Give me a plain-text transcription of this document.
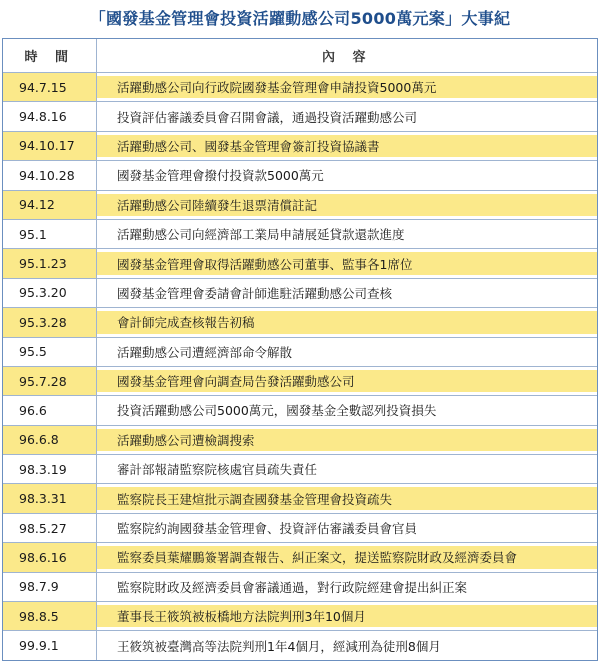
「國發基金管理會投資活躍動感公司5000萬元案」大事紀
時 間	內 容
94.7.15	活躍動感公司向行政院國發基金管理會申請投資5000萬元
94.8.16	投資評估審議委員會召開會議，通過投資活躍動感公司
94.10.17	活躍動感公司、國發基金管理會簽訂投資協議書
94.10.28	國發基金管理會撥付投資款5000萬元
94.12	活躍動感公司陸續發生退票清償註記
95.1	活躍動感公司向經濟部工業局申請展延貸款還款進度
95.1.23	國發基金管理會取得活躍動感公司董事、監事各1席位
95.3.20	國發基金管理會委請會計師進駐活躍動感公司查核
95.3.28	會計師完成查核報告初稿
95.5	活躍動感公司遭經濟部命令解散
95.7.28	國發基金管理會向調查局告發活躍動感公司
96.6	投資活躍動感公司5000萬元，國發基金全數認列投資損失
96.6.8	活躍動感公司遭檢調搜索
98.3.19	審計部報請監察院核處官員疏失責任
98.3.31	監察院長王建煊批示調查國發基金管理會投資疏失
98.5.27	監察院約詢國發基金管理會、投資評估審議委員會官員
98.6.16	監察委員葉耀鵬簽署調查報告、糾正案文，提送監察院財政及經濟委員會
98.7.9	監察院財政及經濟委員會審議通過，對行政院經建會提出糾正案
98.8.5	董事長王筱筑被板橋地方法院判刑3年10個月
99.9.1	王筱筑被臺灣高等法院判刑1年4個月，經減刑為徒刑8個月
